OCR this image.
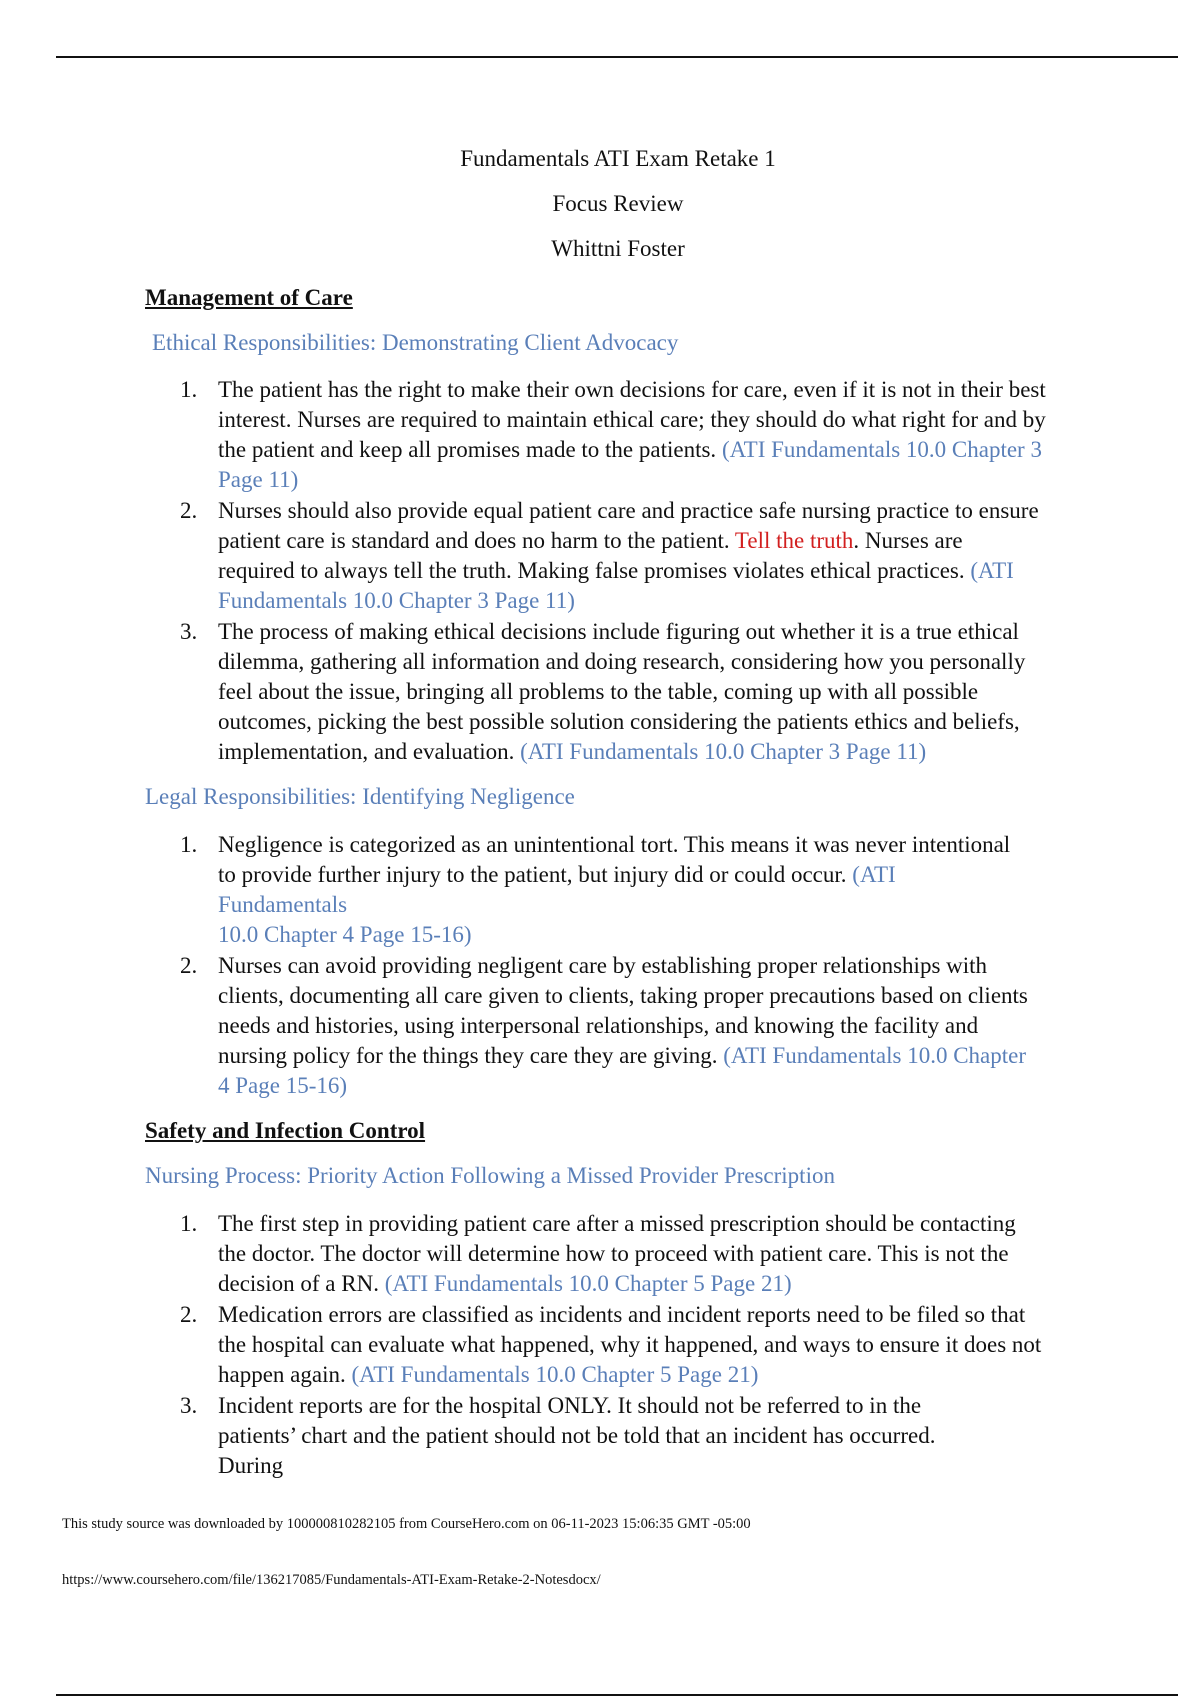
Fundamentals ATI Exam Retake 1
Focus Review
Whittni Foster
Management of Care
Ethical Responsibilities: Demonstrating Client Advocacy
1. The patient has the right to make their own decisions for care, even if it is not in their best
interest. Nurses are required to maintain ethical care; they should do what right for and by
the patient and keep all promises made to the patients. (ATI Fundamentals 10.0 Chapter 3
Page 11)
2. Nurses should also provide equal patient care and practice safe nursing practice to ensure
patient care is standard and does no harm to the patient. Tell the truth. Nurses are
required to always tell the truth. Making false promises violates ethical practices. (ATI
Fundamentals 10.0 Chapter 3 Page 11)
3. The process of making ethical decisions include figuring out whether it is a true ethical
dilemma, gathering all information and doing research, considering how you personally
feel about the issue, bringing all problems to the table, coming up with all possible
outcomes, picking the best possible solution considering the patients ethics and beliefs,
implementation, and evaluation. (ATI Fundamentals 10.0 Chapter 3 Page 11)
Legal Responsibilities: Identifying Negligence
1. Negligence is categorized as an unintentional tort. This means it was never intentional
to provide further injury to the patient, but injury did or could occur. (ATI
Fundamentals
10.0 Chapter 4 Page 15-16)
2. Nurses can avoid providing negligent care by establishing proper relationships with
clients, documenting all care given to clients, taking proper precautions based on clients
needs and histories, using interpersonal relationships, and knowing the facility and
nursing policy for the things they care they are giving. (ATI Fundamentals 10.0 Chapter
4 Page 15-16)
Safety and Infection Control
Nursing Process: Priority Action Following a Missed Provider Prescription
1. The first step in providing patient care after a missed prescription should be contacting
the doctor. The doctor will determine how to proceed with patient care. This is not the
decision of a RN. (ATI Fundamentals 10.0 Chapter 5 Page 21)
2. Medication errors are classified as incidents and incident reports need to be filed so that
the hospital can evaluate what happened, why it happened, and ways to ensure it does not
happen again. (ATI Fundamentals 10.0 Chapter 5 Page 21)
3. Incident reports are for the hospital ONLY. It should not be referred to in the
patients’ chart and the patient should not be told that an incident has occurred.
During
This study source was downloaded by 100000810282105 from CourseHero.com on 06-11-2023 15:06:35 GMT -05:00
https://www.coursehero.com/file/136217085/Fundamentals-ATI-Exam-Retake-2-Notesdocx/
